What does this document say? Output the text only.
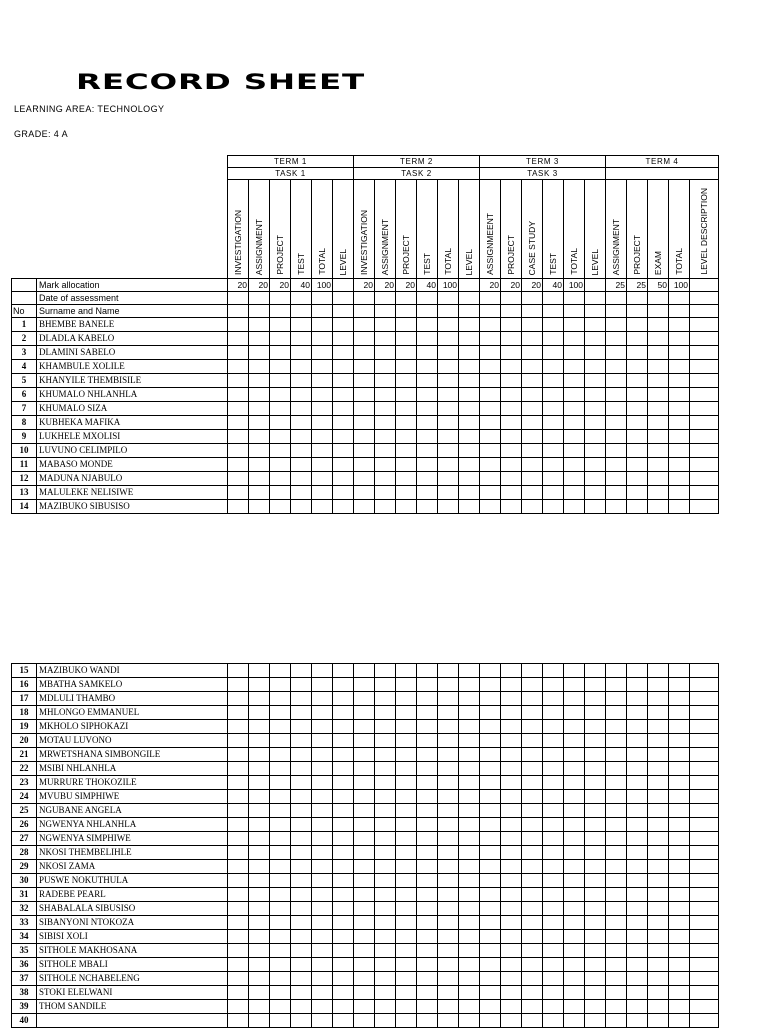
RECORD SHEET
LEARNING AREA: TECHNOLOGY
GRADE: 4 A
		TERM 1						TERM 2						TERM 3						TERM 4				
		TASK 1						TASK 2						TASK 3										

		INVESTIGATION	ASSIGNMENT	PROJECT	TEST	TOTAL	LEVEL	INVESTIGATION	ASSIGNMENT	PROJECT	TEST	TOTAL	LEVEL	ASSIGNMEENT	PROJECT	CASE STUDY	TEST	TOTAL	LEVEL	ASSIGNMENT	PROJECT	EXAM	TOTAL	LEVEL DESCRIPTION

	Mark allocation	20	20	20	40	100		20	20	20	40	100		20	20	20	40	100		25	25	50	100	
	Date of assessment																							
No	Surname and Name																							
1	BHEMBE BANELE																							
2	DLADLA KABELO																							
3	DLAMINI SABELO																							
4	KHAMBULE XOLILE																							
5	KHANYILE THEMBISILE																							
6	KHUMALO NHLANHLA																							
7	KHUMALO SIZA																							
8	KUBHEKA MAFIKA																							
9	LUKHELE MXOLISI																							
10	LUVUNO CELIMPILO																							
11	MABASO MONDE																							
12	MADUNA NJABULO																							
13	MALULEKE NELISIWE																							
14	MAZIBUKO SIBUSISO																							
15	MAZIBUKO WANDI																							
16	MBATHA SAMKELO																							
17	MDLULI THAMBO																							
18	MHLONGO EMMANUEL																							
19	MKHOLO SIPHOKAZI																							
20	MOTAU LUVONO																							
21	MRWETSHANA SIMBONGILE																							
22	MSIBI NHLANHLA																							
23	MURRURE THOKOZILE																							
24	MVUBU SIMPHIWE																							
25	NGUBANE ANGELA																							
26	NGWENYA NHLANHLA																							
27	NGWENYA SIMPHIWE																							
28	NKOSI THEMBELIHLE																							
29	NKOSI ZAMA																							
30	PUSWE NOKUTHULA																							
31	RADEBE PEARL																							
32	SHABALALA SIBUSISO																							
33	SIBANYONI NTOKOZA																							
34	SIBISI XOLI																							
35	SITHOLE MAKHOSANA																							
36	SITHOLE MBALI																							
37	SITHOLE NCHABELENG																							
38	STOKI ELELWANI																							
39	THOM SANDILE																							
40																								
